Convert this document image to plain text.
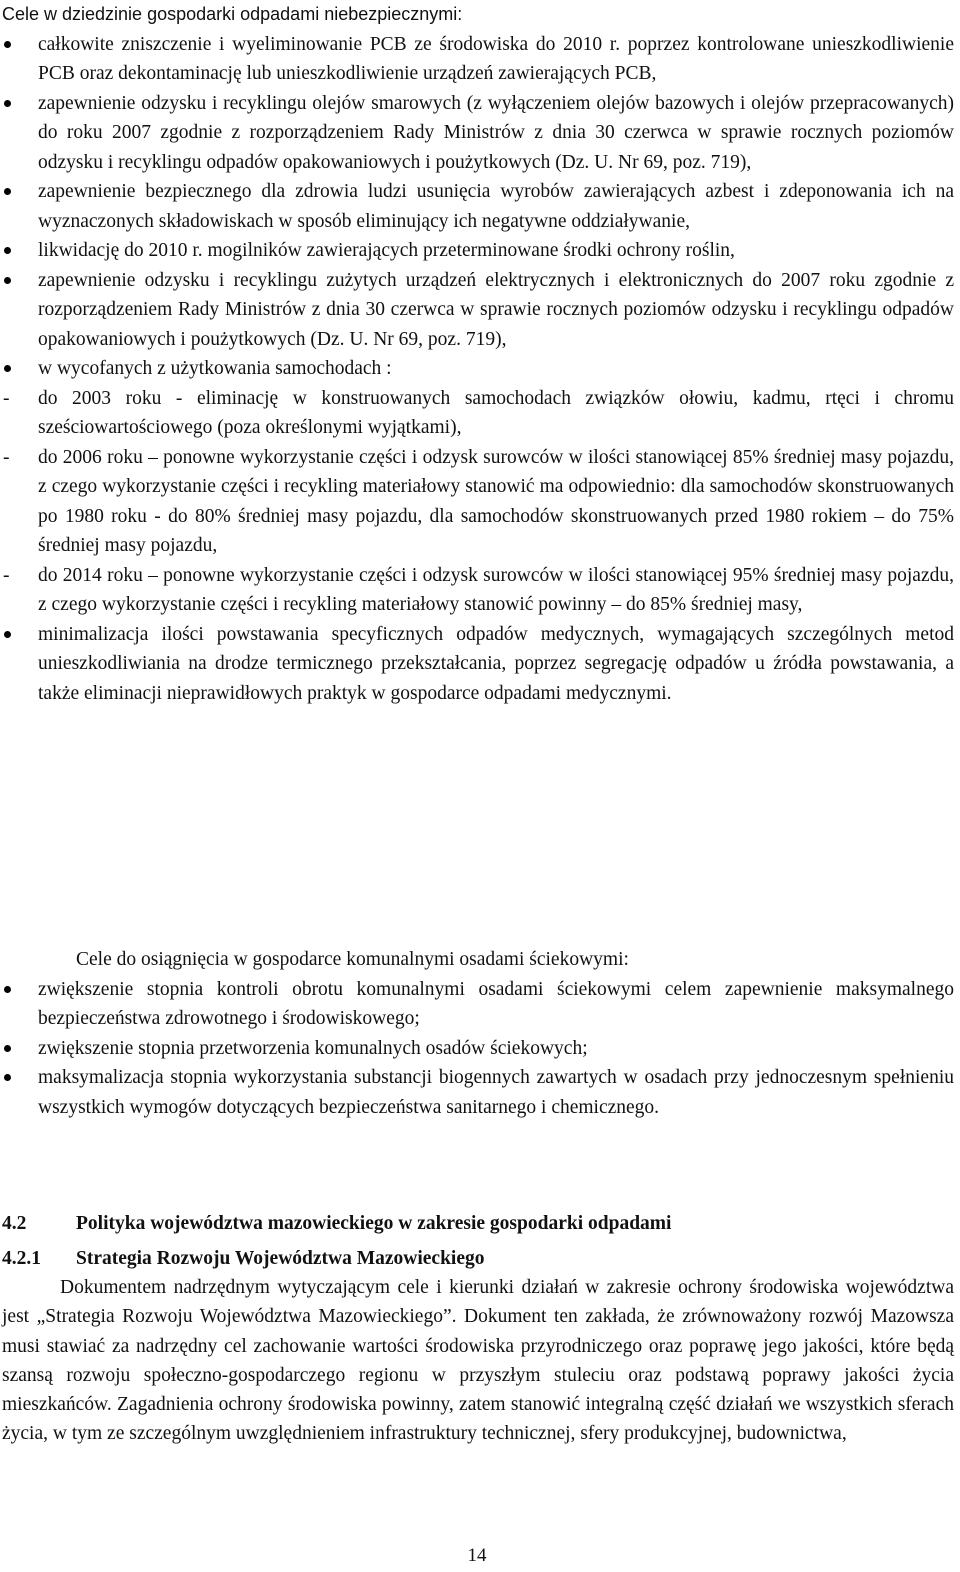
Cele w dziedzinie gospodarki odpadami niebezpiecznymi:

całkowite zniszczenie i wyeliminowanie PCB ze środowiska do 2010 r. poprzez kontrolowane unieszkodliwienie PCB oraz dekontaminację lub unieszkodliwienie urządzeń zawierających PCB,
zapewnienie odzysku i recyklingu olejów smarowych (z wyłączeniem olejów bazowych i olejów przepracowanych) do roku 2007 zgodnie z rozporządzeniem Rady Ministrów z dnia 30 czerwca w sprawie rocznych poziomów odzysku i recyklingu odpadów opakowaniowych i poużytkowych (Dz. U. Nr 69, poz. 719),
zapewnienie bezpiecznego dla zdrowia ludzi usunięcia wyrobów zawierających azbest i zdeponowania ich na wyznaczonych składowiskach w sposób eliminujący ich negatywne oddziaływanie,
likwidację do 2010 r. mogilników zawierających przeterminowane środki ochrony roślin,
zapewnienie odzysku i recyklingu zużytych urządzeń elektrycznych i elektronicznych do 2007 roku zgodnie z rozporządzeniem Rady Ministrów z dnia 30 czerwca w sprawie rocznych poziomów odzysku i recyklingu odpadów opakowaniowych i poużytkowych (Dz. U. Nr 69, poz. 719),
w wycofanych z użytkowania samochodach :
- do 2003 roku - eliminację w konstruowanych samochodach związków ołowiu, kadmu, rtęci i chromu sześciowartościowego (poza określonymi wyjątkami),
- do 2006 roku – ponowne wykorzystanie części i odzysk surowców w ilości stanowiącej 85% średniej masy pojazdu, z czego wykorzystanie części i recykling materiałowy stanowić ma odpowiednio: dla samochodów skonstruowanych po 1980 roku - do 80% średniej masy pojazdu, dla samochodów skonstruowanych przed 1980 rokiem – do 75% średniej masy pojazdu,
- do 2014 roku – ponowne wykorzystanie części i odzysk surowców w ilości stanowiącej 95% średniej masy pojazdu, z czego wykorzystanie części i recykling materiałowy stanowić powinny – do 85% średniej masy,
minimalizacja ilości powstawania specyficznych odpadów medycznych, wymagających szczególnych metod unieszkodliwiania na drodze termicznego przekształcania, poprzez segregację odpadów u źródła powstawania, a także eliminacji nieprawidłowych praktyk w gospodarce odpadami medycznymi.

Cele do osiągnięcia w gospodarce komunalnymi osadami ściekowymi:

zwiększenie stopnia kontroli obrotu komunalnymi osadami ściekowymi celem zapewnienie maksymalnego bezpieczeństwa zdrowotnego i środowiskowego;
zwiększenie stopnia przetworzenia komunalnych osadów ściekowych;
maksymalizacja stopnia wykorzystania substancji biogennych zawartych w osadach przy jednoczesnym spełnieniu wszystkich wymogów dotyczących bezpieczeństwa sanitarnego i chemicznego.
4.2	Polityka województwa mazowieckiego w zakresie gospodarki odpadami
4.2.1 Strategia Rozwoju Województwa Mazowieckiego

Dokumentem nadrzędnym wytyczającym cele i kierunki działań w zakresie ochrony środowiska województwa jest „Strategia Rozwoju Województwa Mazowieckiego”. Dokument ten zakłada, że zrównoważony rozwój Mazowsza musi stawiać za nadrzędny cel zachowanie wartości środowiska przyrodniczego oraz poprawę jego jakości, które będą szansą rozwoju społeczno-gospodarczego regionu w przyszłym stuleciu oraz podstawą poprawy jakości życia mieszkańców. Zagadnienia ochrony środowiska powinny, zatem stanowić integralną część działań we wszystkich sferach życia, w tym ze szczególnym uwzględnieniem infrastruktury technicznej, sfery produkcyjnej, budownictwa,

14
